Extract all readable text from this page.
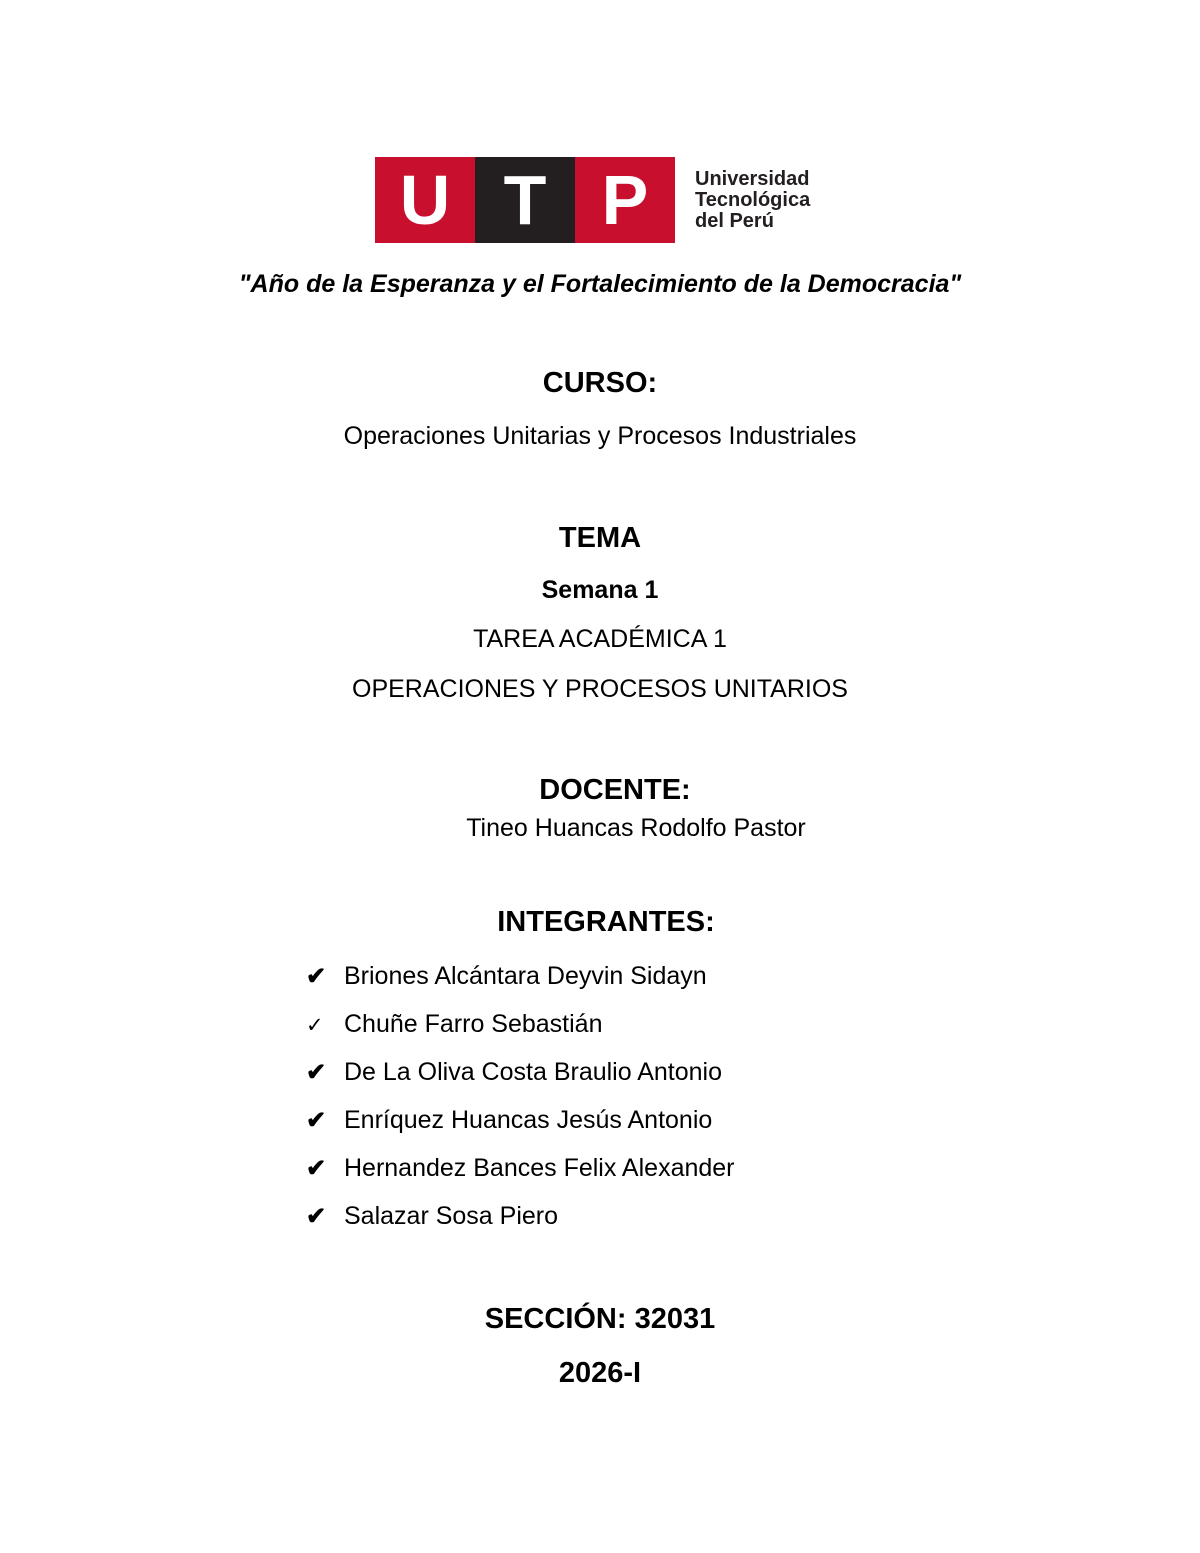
U T P	Universidad
Tecnológica
del Perú
"Año de la Esperanza y el Fortalecimiento de la Democracia"
CURSO:
Operaciones Unitarias y Procesos Industriales
TEMA
Semana 1
TAREA ACADÉMICA 1
OPERACIONES Y PROCESOS UNITARIOS
DOCENTE:
Tineo Huancas Rodolfo Pastor
INTEGRANTES:
✔ Briones Alcántara Deyvin Sidayn
✓ Chuñe Farro Sebastián
✔ De La Oliva Costa Braulio Antonio
✔ Enríquez Huancas Jesús Antonio
✔ Hernandez Bances Felix Alexander
✔ Salazar Sosa Piero
SECCIÓN: 32031
2026-I
